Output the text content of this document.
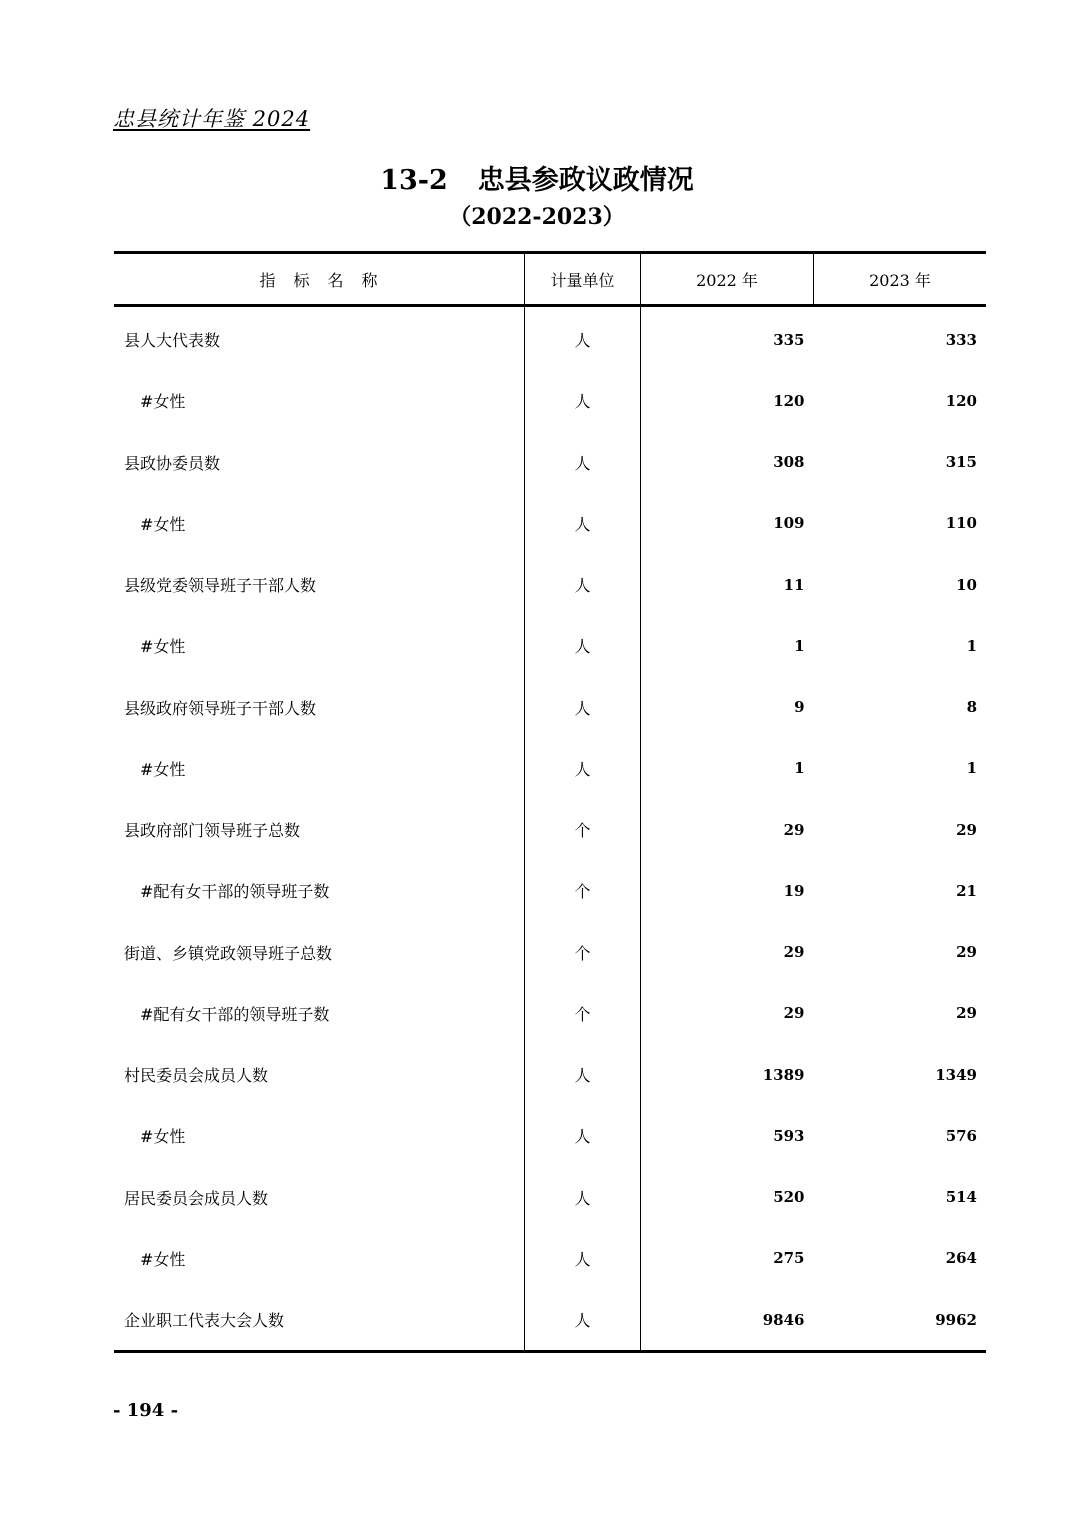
忠县统计年鉴 2024
13-2 忠县参政议政情况
（2022-2023）
指标名称	计量单位	2022 年	2023 年
县人大代表数	人	335	333
#女性	人	120	120
县政协委员数	人	308	315
#女性	人	109	110
县级党委领导班子干部人数	人	11	10
#女性	人	1	1
县级政府领导班子干部人数	人	9	8
#女性	人	1	1
县政府部门领导班子总数	个	29	29
#配有女干部的领导班子数	个	19	21
街道、乡镇党政领导班子总数	个	29	29
#配有女干部的领导班子数	个	29	29
村民委员会成员人数	人	1389	1349
#女性	人	593	576
居民委员会成员人数	人	520	514
#女性	人	275	264
企业职工代表大会人数	人	9846	9962
- 194 -
